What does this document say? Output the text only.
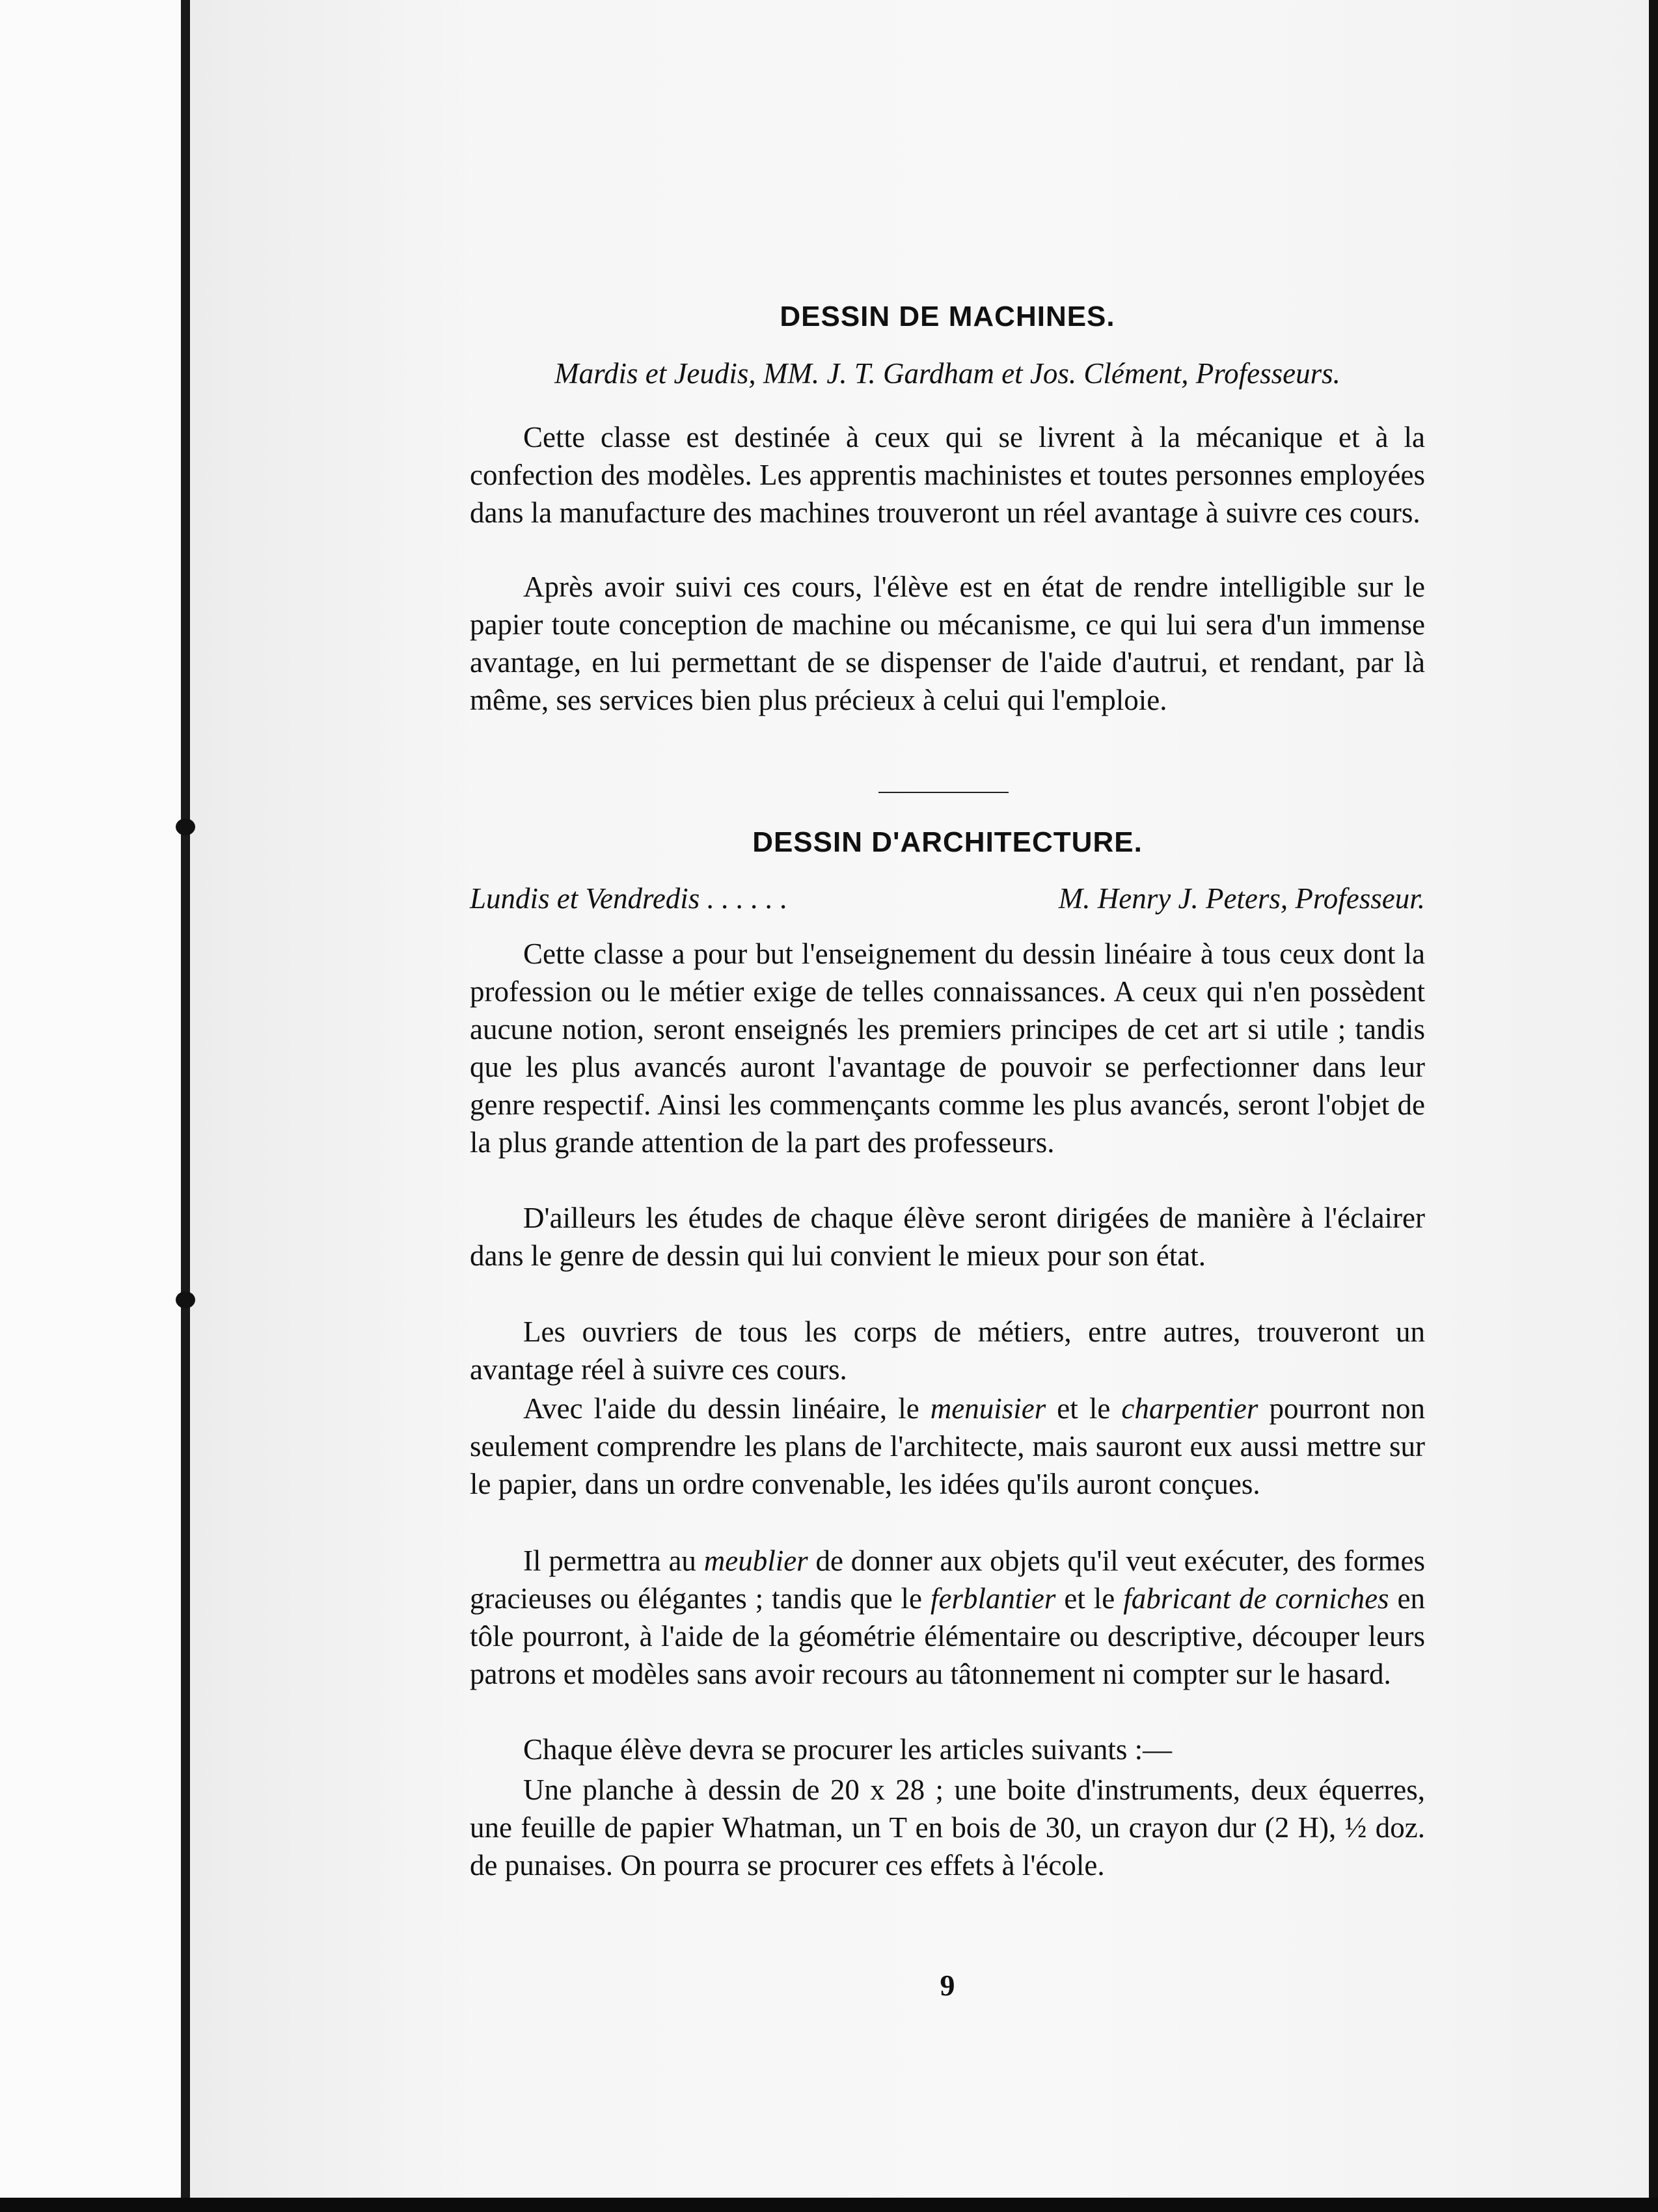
DESSIN DE MACHINES.
Mardis et Jeudis, MM. J. T. Gardham et Jos. Clément, Professeurs.

Cette classe est destinée à ceux qui se livrent à la mécanique et à la confection des modèles. Les apprentis machinistes et toutes personnes employées dans la manufacture des machines trouveront un réel avantage à suivre ces cours.

Après avoir suivi ces cours, l'élève est en état de rendre intelligible sur le papier toute conception de machine ou mécanisme, ce qui lui sera d'un immense avantage, en lui permettant de se dispenser de l'aide d'autrui, et rendant, par là même, ses services bien plus précieux à celui qui l'emploie.

DESSIN D'ARCHITECTURE.
Lundis et Vendredis . . . . . .	M. Henry J. Peters, Professeur.

Cette classe a pour but l'enseignement du dessin linéaire à tous ceux dont la profession ou le métier exige de telles connaissances. A ceux qui n'en possèdent aucune notion, seront enseignés les premiers principes de cet art si utile ; tandis que les plus avancés auront l'avantage de pouvoir se perfectionner dans leur genre respectif. Ainsi les commençants comme les plus avancés, seront l'objet de la plus grande attention de la part des professeurs.

D'ailleurs les études de chaque élève seront dirigées de manière à l'éclairer dans le genre de dessin qui lui convient le mieux pour son état.

Les ouvriers de tous les corps de métiers, entre autres, trouveront un avantage réel à suivre ces cours.

Avec l'aide du dessin linéaire, le menuisier et le charpentier pourront non seulement comprendre les plans de l'architecte, mais sauront eux aussi mettre sur le papier, dans un ordre convenable, les idées qu'ils auront conçues.

Il permettra au meublier de donner aux objets qu'il veut exécuter, des formes gracieuses ou élégantes ; tandis que le ferblantier et le fabricant de corniches en tôle pourront, à l'aide de la géométrie élémentaire ou descriptive, découper leurs patrons et modèles sans avoir recours au tâtonnement ni compter sur le hasard.

Chaque élève devra se procurer les articles suivants :—

Une planche à dessin de 20 x 28 ; une boite d'instruments, deux équerres, une feuille de papier Whatman, un T en bois de 30, un crayon dur (2 H), ½ doz. de punaises. On pourra se procurer ces effets à l'école.

9
